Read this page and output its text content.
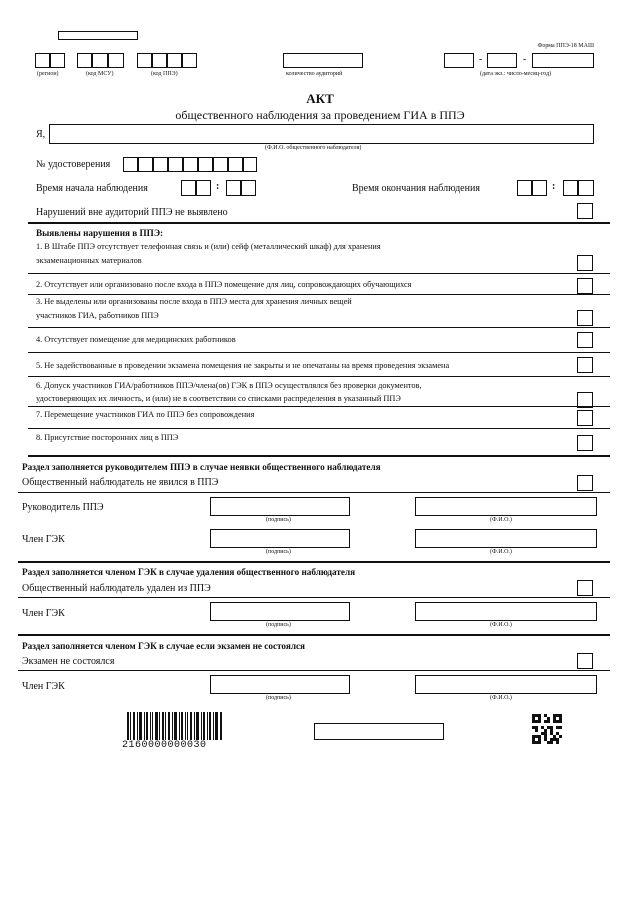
Форма ППЭ-18 МАШ
(регион)	(код МСУ)	(код ППЭ)	количество аудиторий
-	-
(дата экз.: число-месяц-год)
АКТ
общественного наблюдения за проведением ГИА в ППЭ
Я,
(Ф.И.О. общественного наблюдателя)
№ удостоверения
Время начала наблюдения	:	Время окончания наблюдения	:
Нарушений вне аудиторий ППЭ не выявлено
Выявлены нарушения в ППЭ:
1. В Штабе ППЭ отсутствует телефонная связь и (или) сейф (металлический шкаф) для хранения
экзаменационных материалов
2. Отсутствует или организовано после входа в ППЭ помещение для лиц, сопровождающих обучающихся
3. Не выделены или организованы после входа в ППЭ места для хранения личных вещей
участников ГИА, работников ППЭ
4. Отсутствует помещение для медицинских работников
5. Не задействованные в проведении экзамена помещения не закрыты и не опечатаны на время проведения экзамена
6. Допуск участников ГИА/работников ППЭ/члена(ов) ГЭК в ППЭ осуществлялся без проверки документов,
удостоверяющих их личность, и (или) не в соответствии со списками распределения в указанный ППЭ
7. Перемещение участников ГИА по ППЭ без сопровождения
8. Присутствие посторонних лиц в ППЭ
Раздел заполняется руководителем ППЭ в случае неявки общественного наблюдателя
Общественный наблюдатель не явился в ППЭ
Руководитель ППЭ
(подпись)	(Ф.И.О.)
Член ГЭК
(подпись)	(Ф.И.О.)
Раздел заполняется членом ГЭК в случае удаления общественного наблюдателя
Общественный наблюдатель удален из ППЭ
Член ГЭК
(подпись)	(Ф.И.О.)
Раздел заполняется членом ГЭК в случае если экзамен не состоялся
Экзамен не состоялся
Член ГЭК
(подпись)	(Ф.И.О.)
2160000000030
